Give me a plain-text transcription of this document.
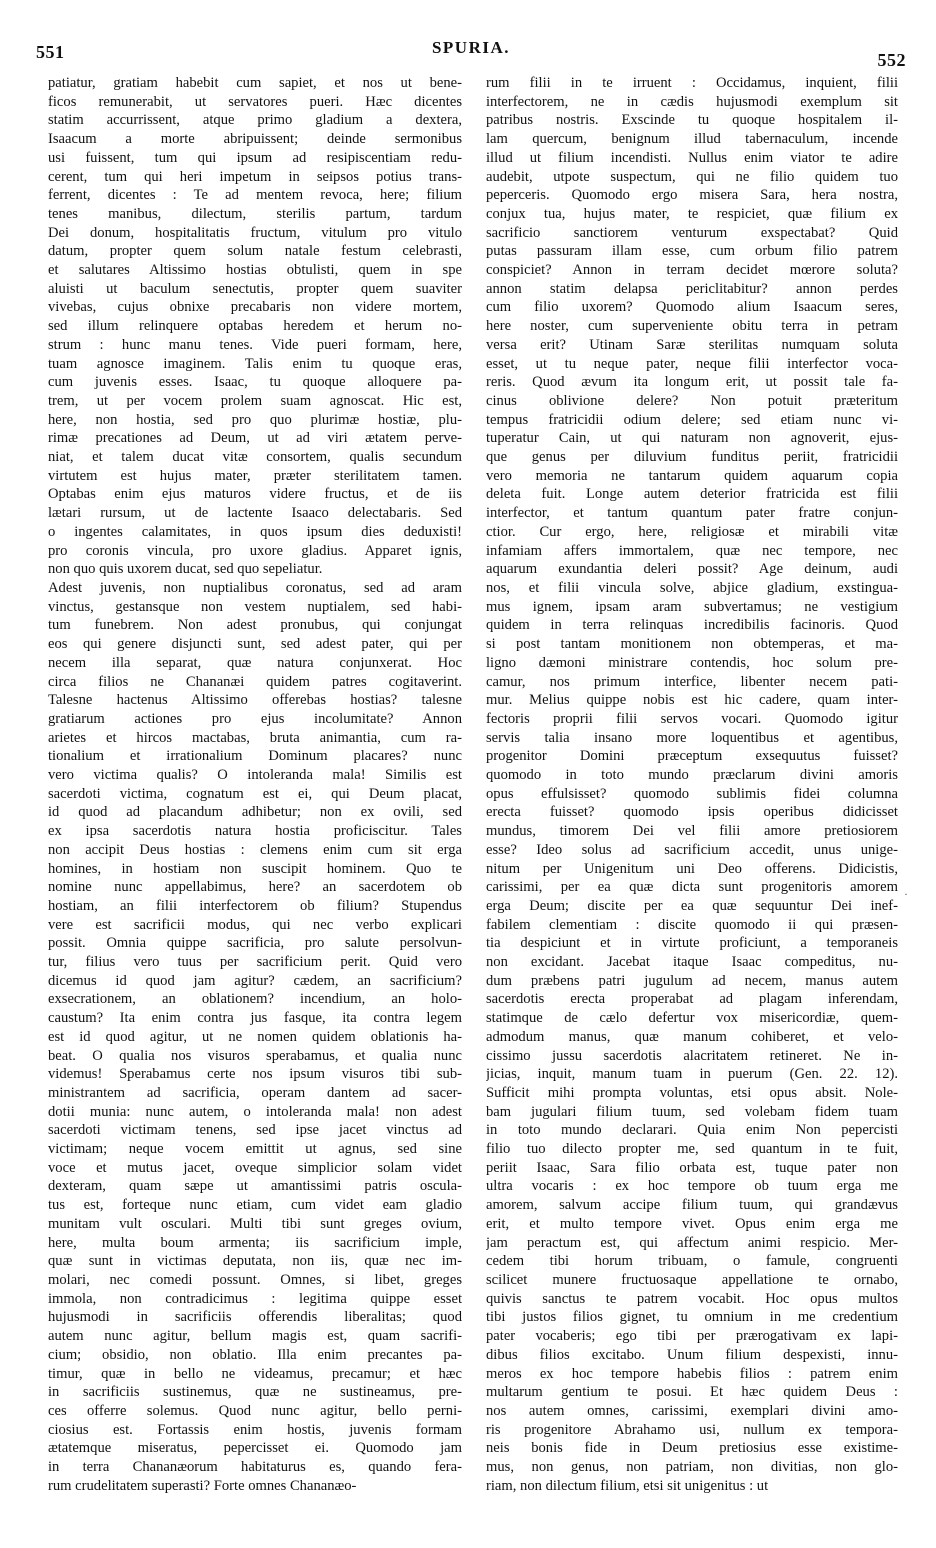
551	SPURIA.
552
patiatur, gratiam habebit cum sapiet, et nos ut bene-
ficos remunerabit, ut servatores pueri. Hæc dicentes
statim accurrissent, atque primo gladium a dextera,
Isaacum a morte abripuissent; deinde sermonibus
usi fuissent, tum qui ipsum ad resipiscentiam redu-
cerent, tum qui heri impetum in seipsos potius trans-
ferrent, dicentes : Te ad mentem revoca, here; filium
tenes manibus, dilectum, sterilis partum, tardum
Dei donum, hospitalitatis fructum, vitulum pro vitulo
datum, propter quem solum natale festum celebrasti,
et salutares Altissimo hostias obtulisti, quem in spe
aluisti ut baculum senectutis, propter quem suaviter
vivebas, cujus obnixe precabaris non videre mortem,
sed illum relinquere optabas heredem et herum no-
strum : hunc manu tenes. Vide pueri formam, here,
tuam agnosce imaginem. Talis enim tu quoque eras,
cum juvenis esses. Isaac, tu quoque alloquere pa-
trem, ut per vocem prolem suam agnoscat. Hic est,
here, non hostia, sed pro quo plurimæ hostiæ, plu-
rimæ precationes ad Deum, ut ad viri ætatem perve-
niat, et talem ducat vitæ consortem, qualis secundum
virtutem est hujus mater, præter sterilitatem tamen.
Optabas enim ejus maturos videre fructus, et de iis
lætari rursum, ut de lactente Isaaco delectabaris. Sed
o ingentes calamitates, in quos ipsum dies deduxisti!
pro coronis vincula, pro uxore gladius. Apparet ignis,
non quo quis uxorem ducat, sed quo sepeliatur.
Adest juvenis, non nuptialibus coronatus, sed ad aram
vinctus, gestansque non vestem nuptialem, sed habi-
tum funebrem. Non adest pronubus, qui conjungat
eos qui genere disjuncti sunt, sed adest pater, qui per
necem illa separat, quæ natura conjunxerat. Hoc
circa filios ne Chananæi quidem patres cogitaverint.
Talesne hactenus Altissimo offerebas hostias? talesne
gratiarum actiones pro ejus incolumitate? Annon
arietes et hircos mactabas, bruta animantia, cum ra-
tionalium et irrationalium Dominum placares? nunc
vero victima qualis? O intoleranda mala! Similis est
sacerdoti victima, cognatum est ei, qui Deum placat,
id quod ad placandum adhibetur; non ex ovili, sed
ex ipsa sacerdotis natura hostia proficiscitur. Tales
non accipit Deus hostias : clemens enim cum sit erga
homines, in hostiam non suscipit hominem. Quo te
nomine nunc appellabimus, here? an sacerdotem ob
hostiam, an filii interfectorem ob filium? Stupendus
vere est sacrificii modus, qui nec verbo explicari
possit. Omnia quippe sacrificia, pro salute persolvun-
tur, filius vero tuus per sacrificium perit. Quid vero
dicemus id quod jam agitur? cædem, an sacrificium?
exsecrationem, an oblationem? incendium, an holo-
caustum? Ita enim contra jus fasque, ita contra legem
est id quod agitur, ut ne nomen quidem oblationis ha-
beat. O qualia nos visuros sperabamus, et qualia nunc
videmus! Sperabamus certe nos ipsum visuros tibi sub-
ministrantem ad sacrificia, operam dantem ad sacer-
dotii munia: nunc autem, o intoleranda mala! non adest
sacerdoti victimam tenens, sed ipse jacet vinctus ad
victimam; neque vocem emittit ut agnus, sed sine
voce et mutus jacet, oveque simplicior solam videt
dexteram, quam sæpe ut amantissimi patris oscula-
tus est, forteque nunc etiam, cum videt eam gladio
munitam vult osculari. Multi tibi sunt greges ovium,
here, multa boum armenta; iis sacrificium imple,
quæ sunt in victimas deputata, non iis, quæ nec im-
molari, nec comedi possunt. Omnes, si libet, greges
immola, non contradicimus : legitima quippe esset
hujusmodi in sacrificiis offerendis liberalitas; quod
autem nunc agitur, bellum magis est, quam sacrifi-
cium; obsidio, non oblatio. Illa enim precantes pa-
timur, quæ in bello ne videamus, precamur; et hæc
in sacrificiis sustinemus, quæ ne sustineamus, pre-
ces offerre solemus. Quod nunc agitur, bello perni-
ciosius est. Fortassis enim hostis, juvenis formam
ætatemque miseratus, pepercisset ei. Quomodo jam
in terra Chananæorum habitaturus es, quando fera-
rum crudelitatem superasti? Forte omnes Chananæo-
rum filii in te irruent : Occidamus, inquient, filii
interfectorem, ne in cædis hujusmodi exemplum sit
patribus nostris. Exscinde tu quoque hospitalem il-
lam quercum, benignum illud tabernaculum, incende
illud ut filium incendisti. Nullus enim viator te adire
audebit, utpote suspectum, qui ne filio quidem tuo
peperceris. Quomodo ergo misera Sara, hera nostra,
conjux tua, hujus mater, te respiciet, quæ filium ex
sacrificio sanctiorem venturum exspectabat? Quid
putas passuram illam esse, cum orbum filio patrem
conspiciet? Annon in terram decidet mœrore soluta?
annon statim delapsa periclitabitur? annon perdes
cum filio uxorem? Quomodo alium Isaacum seres,
here noster, cum superveniente obitu terra in petram
versa erit? Utinam Saræ sterilitas numquam soluta
esset, ut tu neque pater, neque filii interfector voca-
reris. Quod ævum ita longum erit, ut possit tale fa-
cinus oblivione delere? Non potuit præteritum
tempus fratricidii odium delere; sed etiam nunc vi-
tuperatur Cain, ut qui naturam non agnoverit, ejus-
que genus per diluvium funditus periit, fratricidii
vero memoria ne tantarum quidem aquarum copia
deleta fuit. Longe autem deterior fratricida est filii
interfector, et tantum quantum pater fratre conjun-
ctior. Cur ergo, here, religiosæ et mirabili vitæ
infamiam affers immortalem, quæ nec tempore, nec
aquarum exundantia deleri possit? Age deinum, audi
nos, et filii vincula solve, abjice gladium, exstingua-
mus ignem, ipsam aram subvertamus; ne vestigium
quidem in terra relinquas incredibilis facinoris. Quod
si post tantam monitionem non obtemperas, et ma-
ligno dæmoni ministrare contendis, hoc solum pre-
camur, nos primum interfice, libenter necem pati-
mur. Melius quippe nobis est hic cadere, quam inter-
fectoris proprii filii servos vocari. Quomodo igitur
servis talia insano more loquentibus et agentibus,
progenitor Domini præceptum exsequutus fuisset?
quomodo in toto mundo præclarum divini amoris
opus effulsisset? quomodo sublimis fidei columna
erecta fuisset? quomodo ipsis operibus didicisset
mundus, timorem Dei vel filii amore pretiosiorem
esse? Ideo solus ad sacrificium accedit, unus unige-
nitum per Unigenitum uni Deo offerens. Didicistis,
carissimi, per ea quæ dicta sunt progenitoris amorem
erga Deum; discite per ea quæ sequuntur Dei inef-
fabilem clementiam : discite quomodo ii qui præsen-
tia despiciunt et in virtute proficiunt, a temporaneis
non excidant. Jacebat itaque Isaac compeditus, nu-
dum præbens patri jugulum ad necem, manus autem
sacerdotis erecta properabat ad plagam inferendam,
statimque de cælo defertur vox misericordiæ, quem-
admodum manus, quæ manum cohiberet, et velo-
cissimo jussu sacerdotis alacritatem retineret. Ne in-
jicias, inquit, manum tuam in puerum (Gen. 22. 12).
Sufficit mihi prompta voluntas, etsi opus absit. Nole-
bam jugulari filium tuum, sed volebam fidem tuam
in toto mundo declarari. Quia enim Non pepercisti
filio tuo dilecto propter me, sed quantum in te fuit,
periit Isaac, Sara filio orbata est, tuque pater non
ultra vocaris : ex hoc tempore ob tuum erga me
amorem, salvum accipe filium tuum, qui grandævus
erit, et multo tempore vivet. Opus enim erga me
jam peractum est, qui affectum animi respicio. Mer-
cedem tibi horum tribuam, o famule, congruenti
scilicet munere fructuosaque appellatione te ornabo,
quivis sanctus te patrem vocabit. Hoc opus multos
tibi justos filios gignet, tu omnium in me credentium
pater vocaberis; ego tibi per prærogativam ex lapi-
dibus filios excitabo. Unum filium despexisti, innu-
meros ex hoc tempore habebis filios : patrem enim
multarum gentium te posui. Et hæc quidem Deus :
nos autem omnes, carissimi, exemplari divini amo-
ris progenitore Abrahamo usi, nullum ex tempora-
neis bonis fide in Deum pretiosius esse existime-
mus, non genus, non patriam, non divitias, non glo-
riam, non dilectum filium, etsi sit unigenitus : ut
·
